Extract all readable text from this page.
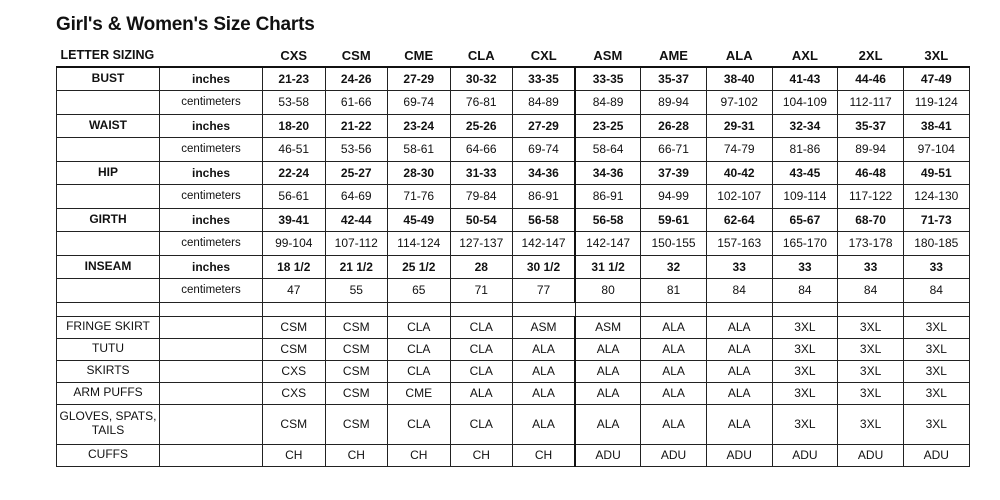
Girl's & Women's Size Charts
LETTER SIZING		CXS	CSM	CME	CLA	CXL	ASM	AME	ALA	AXL	2XL	3XL
BUST	inches	21-23	24-26	27-29	30-32	33-35	33-35	35-37	38-40	41-43	44-46	47-49
	centimeters	53-58	61-66	69-74	76-81	84-89	84-89	89-94	97-102	104-109	112-117	119-124
WAIST	inches	18-20	21-22	23-24	25-26	27-29	23-25	26-28	29-31	32-34	35-37	38-41
	centimeters	46-51	53-56	58-61	64-66	69-74	58-64	66-71	74-79	81-86	89-94	97-104
HIP	inches	22-24	25-27	28-30	31-33	34-36	34-36	37-39	40-42	43-45	46-48	49-51
	centimeters	56-61	64-69	71-76	79-84	86-91	86-91	94-99	102-107	109-114	117-122	124-130
GIRTH	inches	39-41	42-44	45-49	50-54	56-58	56-58	59-61	62-64	65-67	68-70	71-73
	centimeters	99-104	107-112	114-124	127-137	142-147	142-147	150-155	157-163	165-170	173-178	180-185
INSEAM	inches	18 1/2	21 1/2	25 1/2	28	30 1/2	31 1/2	32	33	33	33	33
	centimeters	47	55	65	71	77	80	81	84	84	84	84

FRINGE SKIRT		CSM	CSM	CLA	CLA	ASM	ASM	ALA	ALA	3XL	3XL	3XL
TUTU		CSM	CSM	CLA	CLA	ALA	ALA	ALA	ALA	3XL	3XL	3XL
SKIRTS		CXS	CSM	CLA	CLA	ALA	ALA	ALA	ALA	3XL	3XL	3XL
ARM PUFFS		CXS	CSM	CME	ALA	ALA	ALA	ALA	ALA	3XL	3XL	3XL
GLOVES, SPATS, TAILS		CSM	CSM	CLA	CLA	ALA	ALA	ALA	ALA	3XL	3XL	3XL
CUFFS		CH	CH	CH	CH	CH	ADU	ADU	ADU	ADU	ADU	ADU
